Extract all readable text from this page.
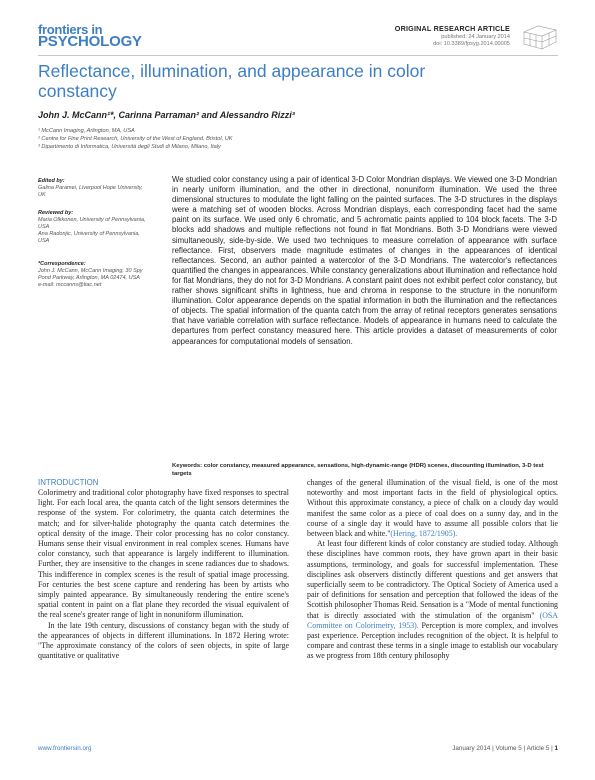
frontiers in
PSYCHOLOGY
ORIGINAL RESEARCH ARTICLE
published: 24 January 2014
doi: 10.3389/fpsyg.2014.00005
Reflectance, illumination, and appearance in color constancy
John J. McCann¹*, Carinna Parraman² and Alessandro Rizzi³
¹ McCann Imaging, Arlington, MA, USA
² Centre for Fine Print Research, University of the West of England, Bristol, UK
³ Dipartimento di Informatica, Università degli Studi di Milano, Milano, Italy
Edited by:
Galina Paramei, Liverpool Hope University, UK
Reviewed by:
Maria Olkkonen, University of Pennsylvania, USA
Ana Radonjic, University of Pennsylvania, USA
*Correspondence:
John J. McCann, McCann Imaging, 30 Spy Pond Parkway, Arlington, MA 02474, USA
e-mail: mccanns@tiac.net
We studied color constancy using a pair of identical 3-D Color Mondrian displays. We viewed one 3-D Mondrian in nearly uniform illumination, and the other in directional, nonuniform illumination. We used the three dimensional structures to modulate the light falling on the painted surfaces. The 3-D structures in the displays were a matching set of wooden blocks. Across Mondrian displays, each corresponding facet had the same paint on its surface. We used only 6 chromatic, and 5 achromatic paints applied to 104 block facets. The 3-D blocks add shadows and multiple reflections not found in flat Mondrians. Both 3-D Mondrians were viewed simultaneously, side-by-side. We used two techniques to measure correlation of appearance with surface reflectance. First, observers made magnitude estimates of changes in the appearances of identical reflectances. Second, an author painted a watercolor of the 3-D Mondrians. The watercolor's reflectances quantified the changes in appearances. While constancy generalizations about illumination and reflectance hold for flat Mondrians, they do not for 3-D Mondrians. A constant paint does not exhibit perfect color constancy, but rather shows significant shifts in lightness, hue and chroma in response to the structure in the nonuniform illumination. Color appearance depends on the spatial information in both the illumination and the reflectances of objects. The spatial information of the quanta catch from the array of retinal receptors generates sensations that have variable correlation with surface reflectance. Models of appearance in humans need to calculate the departures from perfect constancy measured here. This article provides a dataset of measurements of color appearances for computational models of sensation.
Keywords: color constancy, measured appearance, sensations, high-dynamic-range (HDR) scenes, discounting illumination, 3-D test targets
INTRODUCTION

Colorimetry and traditional color photography have fixed responses to spectral light. For each local area, the quanta catch of the light sensors determines the response of the system. For colorimetry, the quanta catch determines the match; and for silver-halide photography the quanta catch determines the optical density of the image. Their color processing has no color constancy. Humans sense their visual environment in real complex scenes. Humans have color constancy, such that appearance is largely indifferent to illumination. Further, they are insensitive to the changes in scene radiances due to shadows. This indifference in complex scenes is the result of spatial image processing. For centuries the best scene capture and rendering has been by artists who simply painted appearance. By simultaneously rendering the entire scene's spatial content in paint on a flat plane they recorded the visual equivalent of the real scene's greater range of light in nonuniform illumination.

In the late 19th century, discussions of constancy began with the study of the appearances of objects in different illuminations. In 1872 Hering wrote: "The approximate constancy of the colors of seen objects, in spite of large quantitative or qualitative

changes of the general illumination of the visual field, is one of the most noteworthy and most important facts in the field of physiological optics. Without this approximate constancy, a piece of chalk on a cloudy day would manifest the same color as a piece of coal does on a sunny day, and in the course of a single day it would have to assume all possible colors that lie between black and white."(Hering, 1872/1905).

At least four different kinds of color constancy are studied today. Although these disciplines have common roots, they have grown apart in their basic assumptions, terminology, and goals for successful implementation. These disciplines ask observers distinctly different questions and get answers that superficially seem to be contradictory. The Optical Society of America used a pair of definitions for sensation and perception that followed the ideas of the Scottish philosopher Thomas Reid. Sensation is a "Mode of mental functioning that is directly associated with the stimulation of the organism" (OSA Committee on Colorimetry, 1953). Perception is more complex, and involves past experience. Perception includes recognition of the object. It is helpful to compare and contrast these terms in a single image to establish our vocabulary as we progress from 18th century philosophy

www.frontiersin.org	January 2014 | Volume 5 | Article 5 | 1
